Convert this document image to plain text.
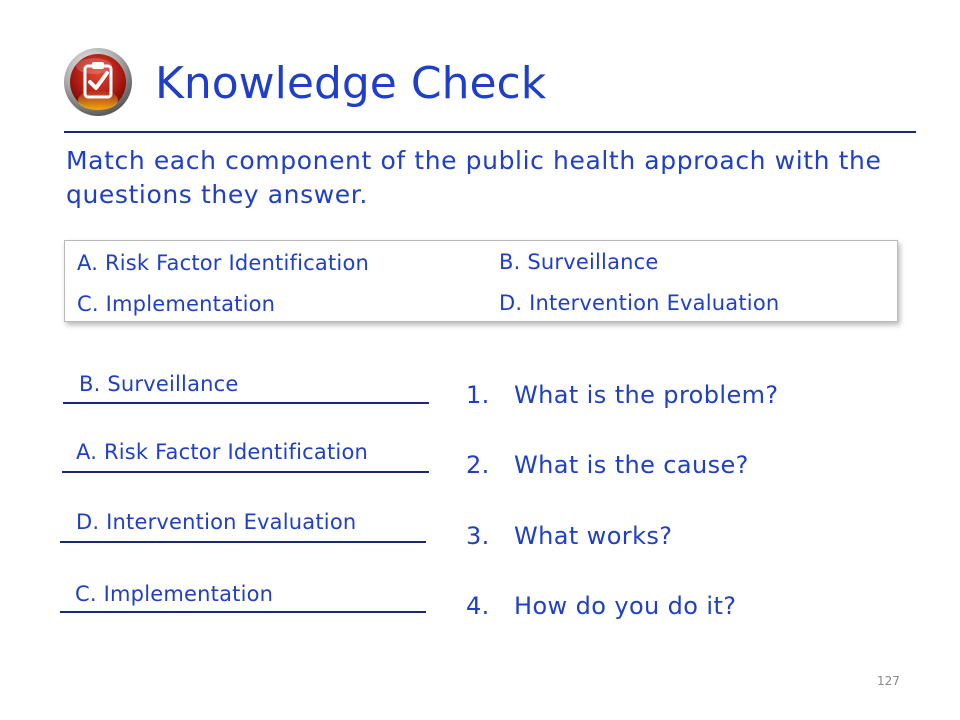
Knowledge Check
Match each component of the public health approach with the questions they answer.
A. Risk Factor Identification	B. Surveillance
C. Implementation	D. Intervention Evaluation
B. Surveillance
A. Risk Factor Identification
D. Intervention Evaluation
C. Implementation
1. What is the problem?
2. What is the cause?
3. What works?
4. How do you do it?
127
